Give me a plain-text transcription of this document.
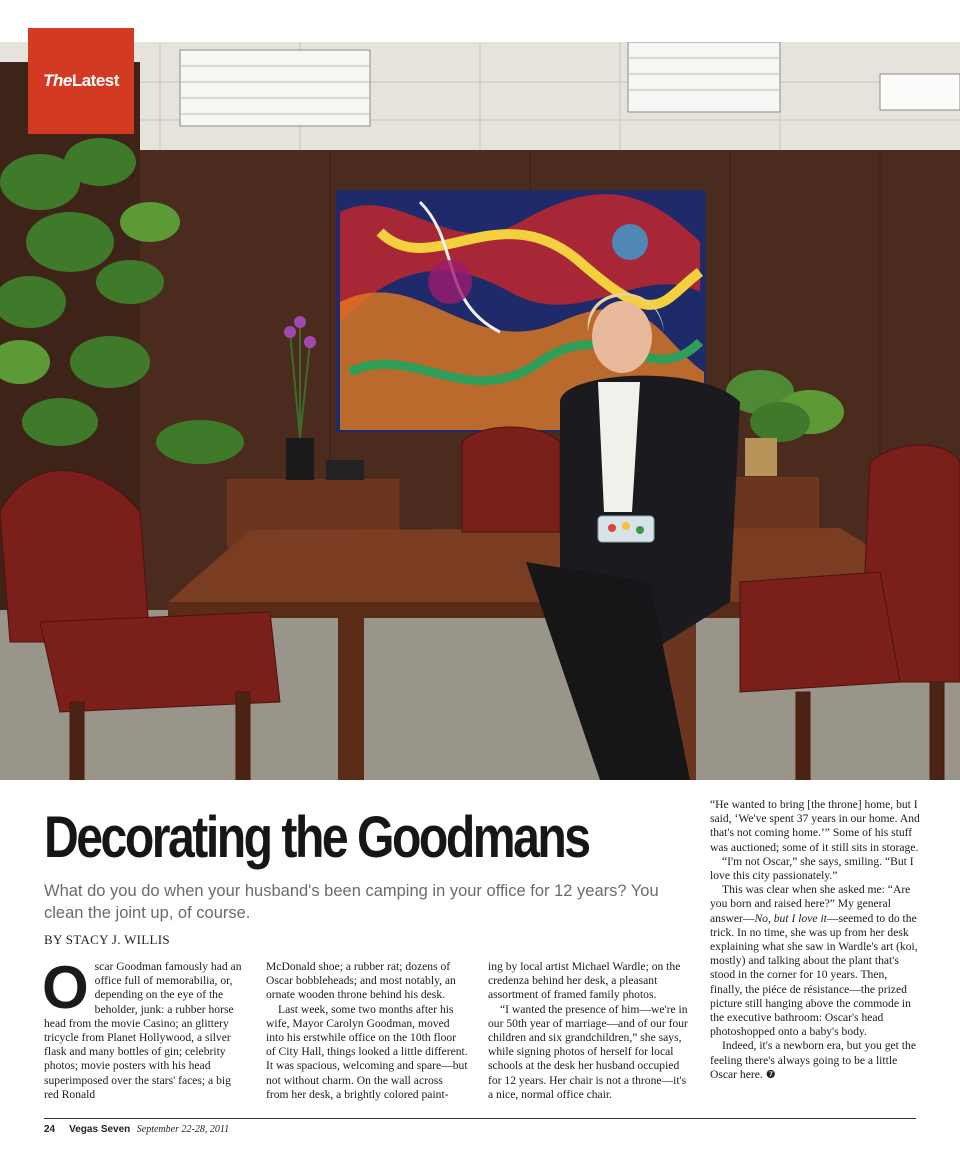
The Latest
Decorating the Goodmans
What do you do when your husband's been camping in your office for 12 years? You clean the joint up, of course.
BY STACY J. WILLIS
O scar Goodman famously had an office full of memorabilia, or, depending on the eye of the beholder, junk: a rubber horse head from the movie Casino; an glittery tricycle from Planet Hollywood, a silver flask and many bottles of gin; celebrity photos; movie posters with his head superimposed over the stars' faces; a big red Ronald

McDonald shoe; a rubber rat; dozens of Oscar bobbleheads; and most notably, an ornate wooden throne behind his desk.

Last week, some two months after his wife, Mayor Carolyn Goodman, moved into his erstwhile office on the 10th floor of City Hall, things looked a little different. It was spacious, welcoming and spare—but not without charm. On the wall across from her desk, a brightly colored paint-

ing by local artist Michael Wardle; on the credenza behind her desk, a pleasant assortment of framed family photos.

“I wanted the presence of him—we're in our 50th year of marriage—and of our four children and six grandchildren,” she says, while signing photos of herself for local schools at the desk her husband occupied for 12 years. Her chair is not a throne—it's a nice, normal office chair.

“He wanted to bring [the throne] home, but I said, ‘We've spent 37 years in our home. And that's not coming home.’” Some of his stuff was auctioned; some of it still sits in storage.

“I'm not Oscar,” she says, smiling. “But I love this city passionately.”

This was clear when she asked me: “Are you born and raised here?” My general answer—No, but I love it—seemed to do the trick. In no time, she was up from her desk explaining what she saw in Wardle's art (koi, mostly) and talking about the plant that's stood in the corner for 10 years. Then, finally, the piéce de résistance—the prized picture still hanging above the commode in the executive bathroom: Oscar's head photoshopped onto a baby's body.

Indeed, it's a newborn era, but you get the feeling there's always going to be a little Oscar here. ❼

24 Vegas Seven September 22-28, 2011
